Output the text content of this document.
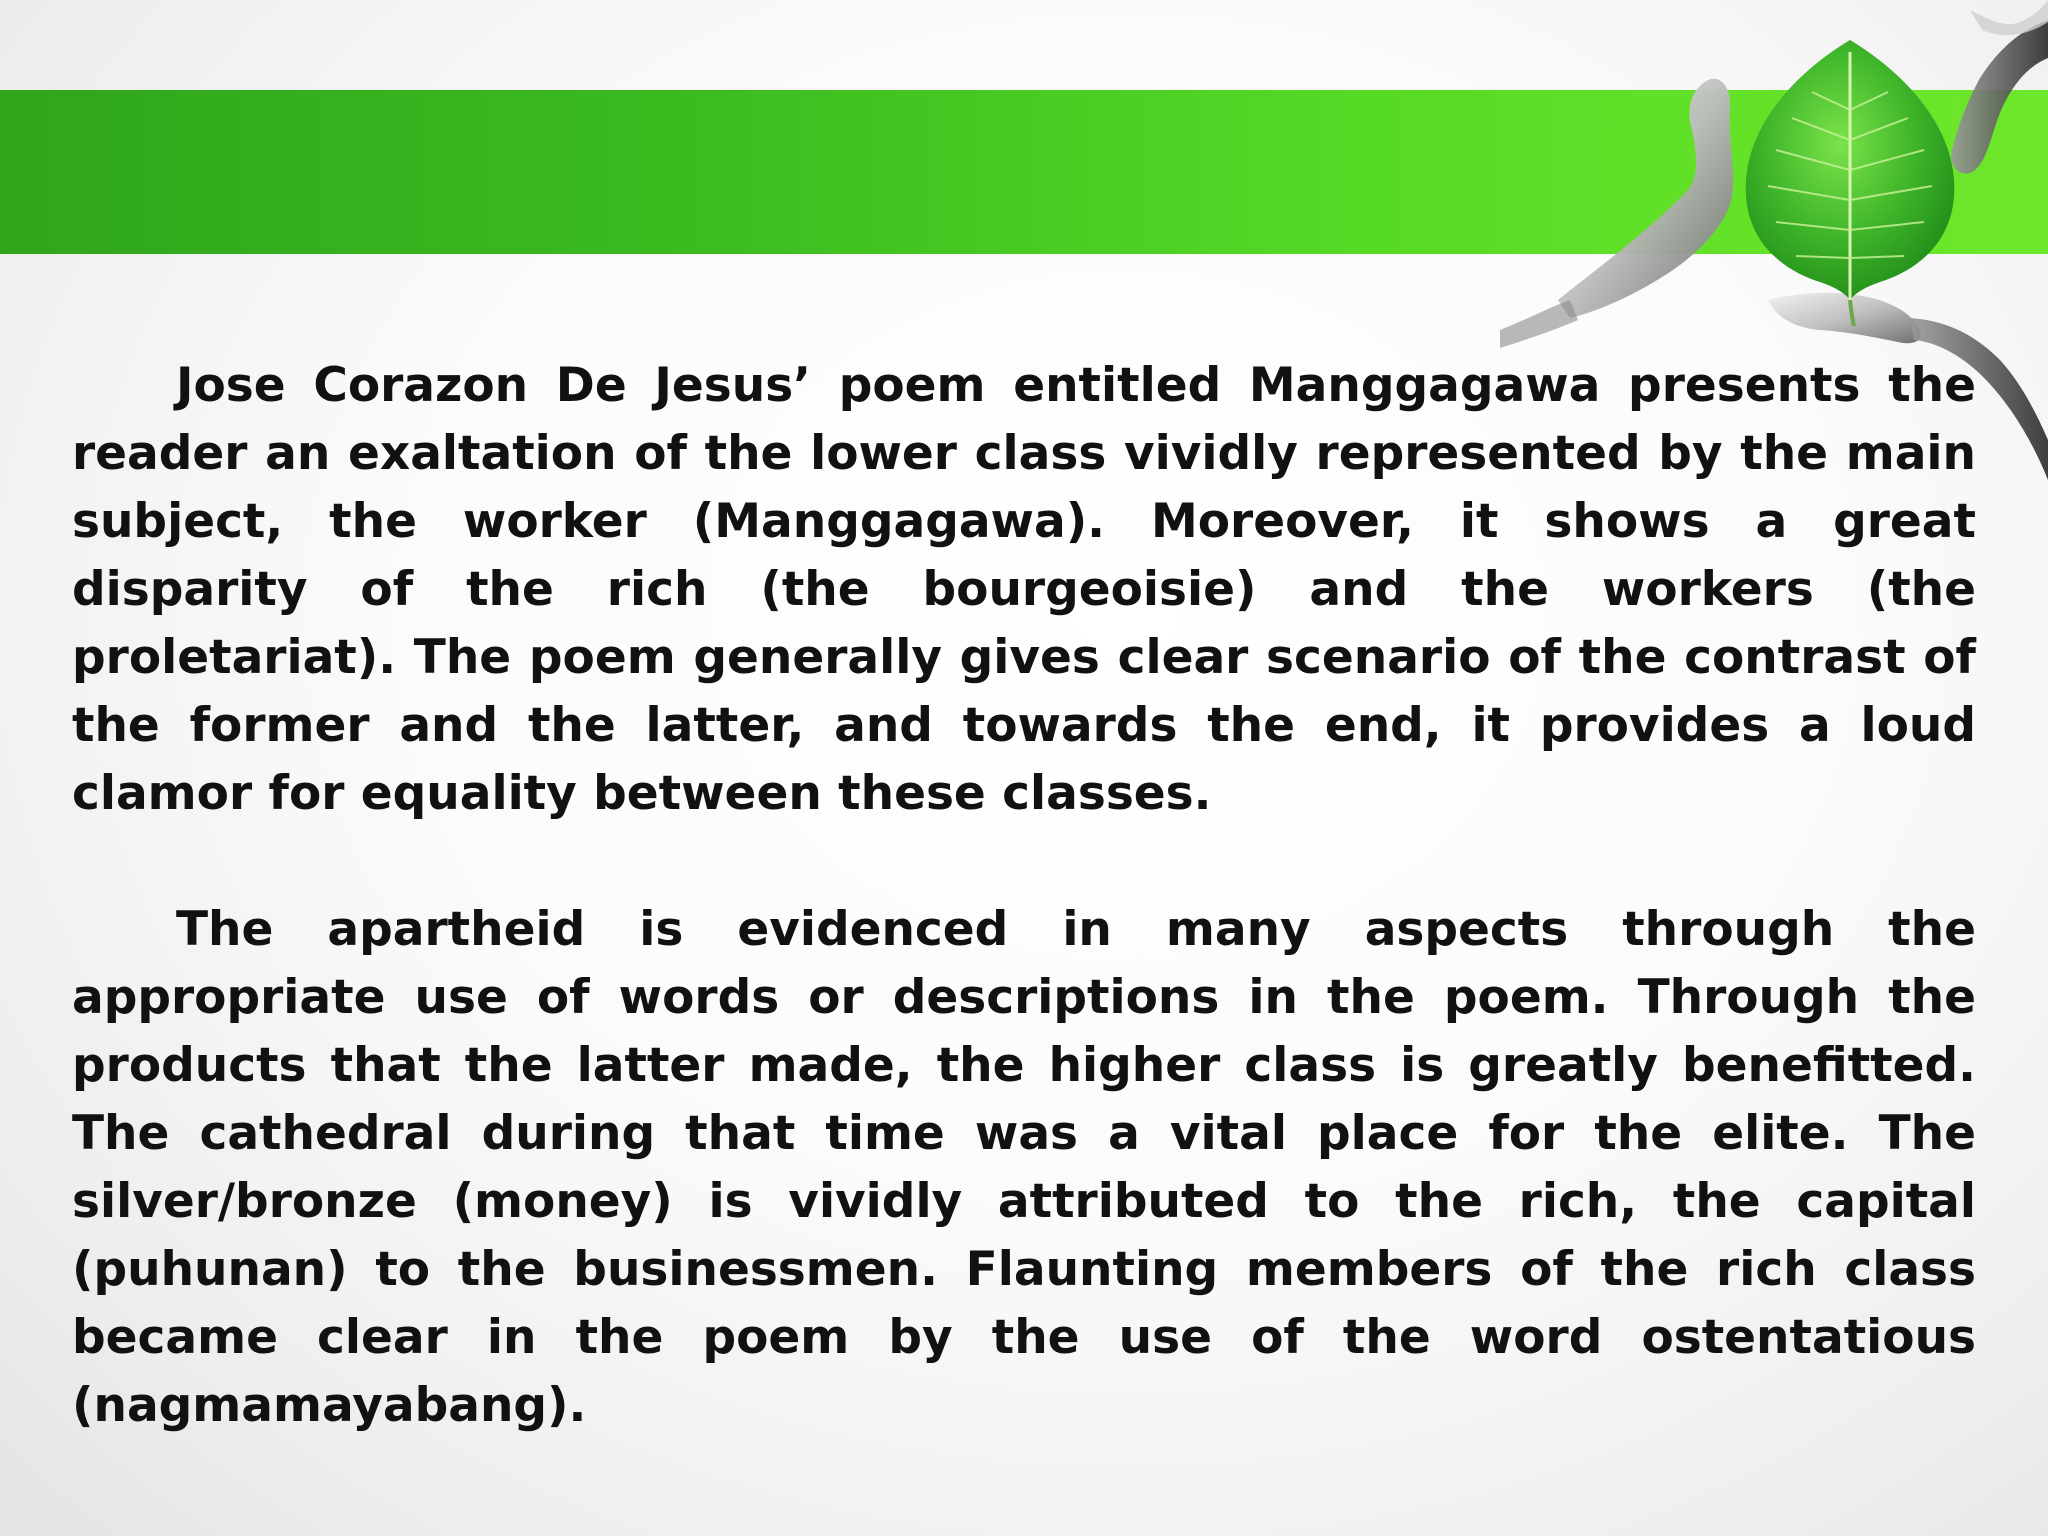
Jose Corazon De Jesus’ poem entitled Manggagawa presents the reader an exaltation of the lower class vividly represented by the main subject, the worker (Manggagawa). Moreover, it shows a great disparity of the rich (the bourgeoisie) and the workers (the proletariat). The poem generally gives clear scenario of the contrast of the former and the latter, and towards the end, it provides a loud clamor for equality between these classes.

The apartheid is evidenced in many aspects through the appropriate use of words or descriptions in the poem. Through the products that the latter made, the higher class is greatly benefitted. The cathedral during that time was a vital place for the elite. The silver/bronze (money) is vividly attributed to the rich, the capital (puhunan) to the businessmen. Flaunting members of the rich class became clear in the poem by the use of the word ostentatious (nagmamayabang).
